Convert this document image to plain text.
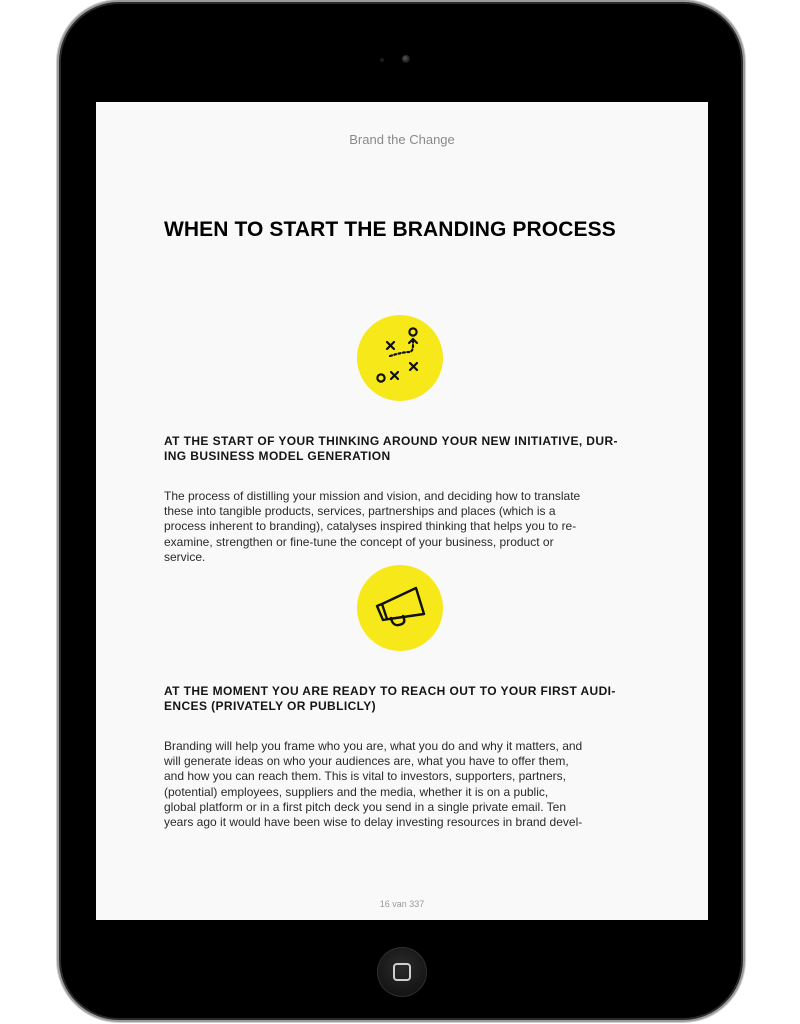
Brand the Change
WHEN TO START THE BRANDING PROCESS
AT THE START OF YOUR THINKING AROUND YOUR NEW INITIATIVE, DUR-
ING BUSINESS MODEL GENERATION
The process of distilling your mission and vision, and deciding how to translate
these into tangible products, services, partnerships and places (which is a
process inherent to branding), catalyses inspired thinking that helps you to re-
examine, strengthen or fine-tune the concept of your business, product or
service.
AT THE MOMENT YOU ARE READY TO REACH OUT TO YOUR FIRST AUDI-
ENCES (PRIVATELY OR PUBLICLY)
Branding will help you frame who you are, what you do and why it matters, and
will generate ideas on who your audiences are, what you have to offer them,
and how you can reach them. This is vital to investors, supporters, partners,
(potential) employees, suppliers and the media, whether it is on a public,
global platform or in a first pitch deck you send in a single private email. Ten
years ago it would have been wise to delay investing resources in brand devel-
16 van 337
